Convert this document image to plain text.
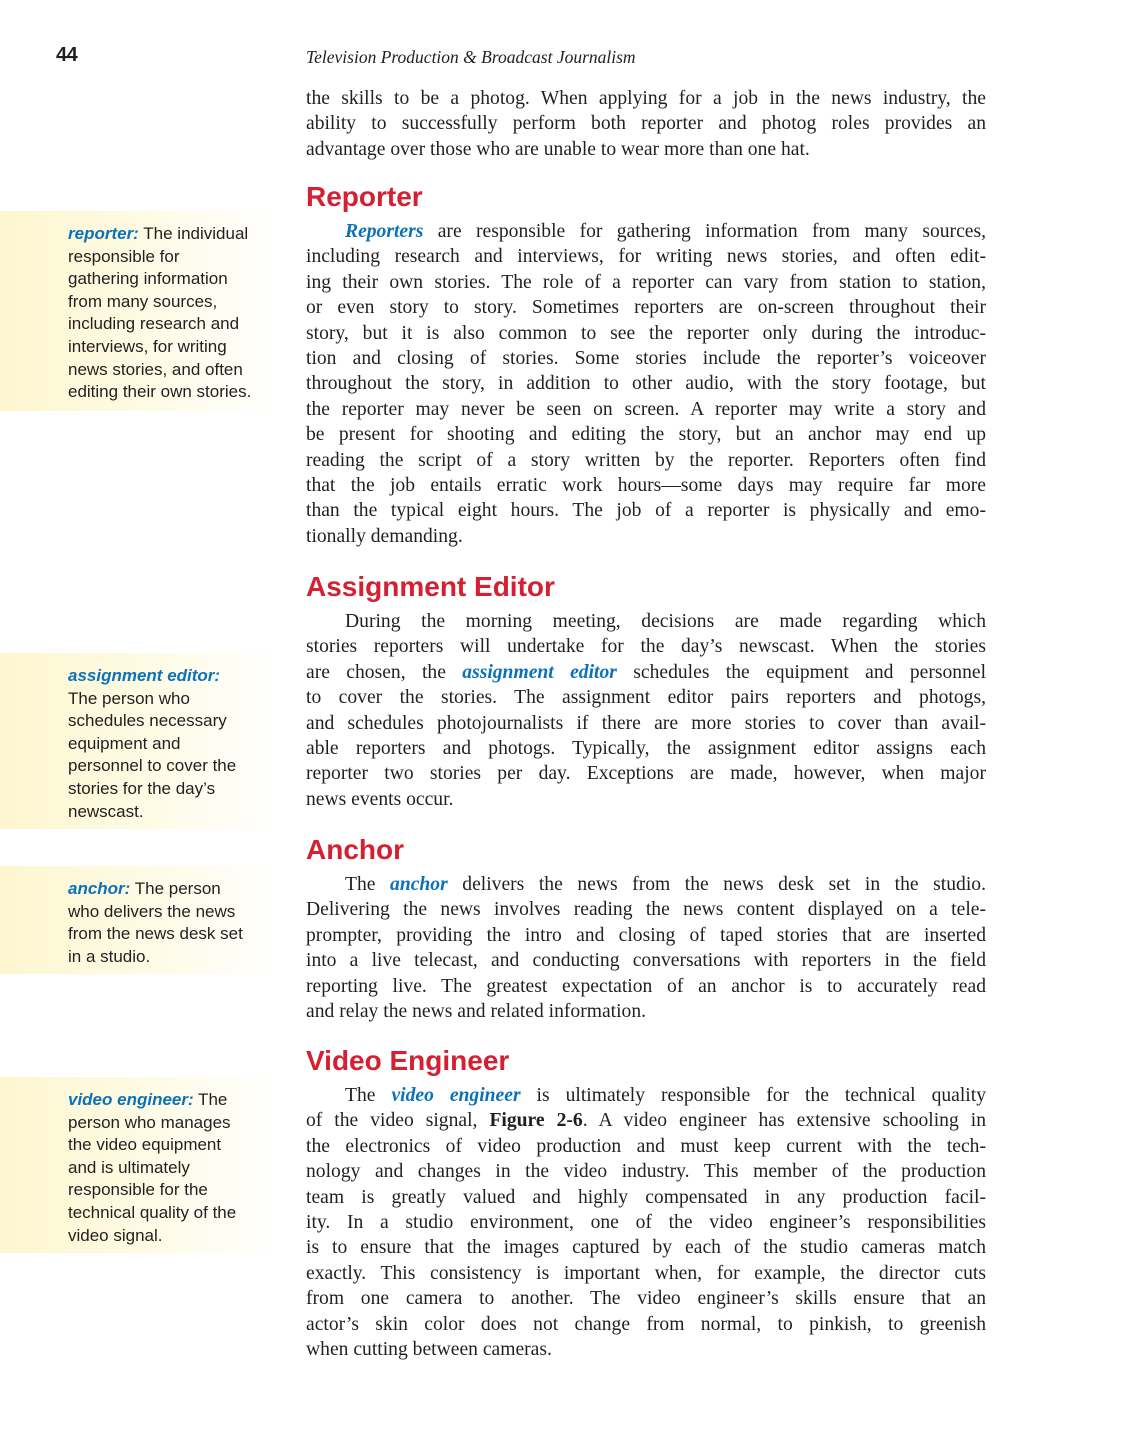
44	Television Production & Broadcast Journalism

the skills to be a photog. When applying for a job in the news industry, the
ability to successfully perform both reporter and photog roles provides an
advantage over those who are unable to wear more than one hat.

Reporter

Reporters are responsible for gathering information from many sources,
including research and interviews, for writing news stories, and often edit-
ing their own stories. The role of a reporter can vary from station to station,
or even story to story. Sometimes reporters are on-screen throughout their
story, but it is also common to see the reporter only during the introduc-
tion and closing of stories. Some stories include the reporter’s voiceover
throughout the story, in addition to other audio, with the story footage, but
the reporter may never be seen on screen. A reporter may write a story and
be present for shooting and editing the story, but an anchor may end up
reading the script of a story written by the reporter. Reporters often find
that the job entails erratic work hours—some days may require far more
than the typical eight hours. The job of a reporter is physically and emo-
tionally demanding.

Assignment Editor

During the morning meeting, decisions are made regarding which
stories reporters will undertake for the day’s newscast. When the stories
are chosen, the assignment editor schedules the equipment and personnel
to cover the stories. The assignment editor pairs reporters and photogs,
and schedules photojournalists if there are more stories to cover than avail-
able reporters and photogs. Typically, the assignment editor assigns each
reporter two stories per day. Exceptions are made, however, when major
news events occur.

Anchor

The anchor delivers the news from the news desk set in the studio.
Delivering the news involves reading the news content displayed on a tele-
prompter, providing the intro and closing of taped stories that are inserted
into a live telecast, and conducting conversations with reporters in the field
reporting live. The greatest expectation of an anchor is to accurately read
and relay the news and related information.

Video Engineer

The video engineer is ultimately responsible for the technical quality
of the video signal, Figure 2-6. A video engineer has extensive schooling in
the electronics of video production and must keep current with the tech-
nology and changes in the video industry. This member of the production
team is greatly valued and highly compensated in any production facil-
ity. In a studio environment, one of the video engineer’s responsibilities
is to ensure that the images captured by each of the studio cameras match
exactly. This consistency is important when, for example, the director cuts
from one camera to another. The video engineer’s skills ensure that an
actor’s skin color does not change from normal, to pinkish, to greenish
when cutting between cameras.

reporter: The individual
responsible for
gathering information
from many sources,
including research and
interviews, for writing
news stories, and often
editing their own stories.
assignment editor:
The person who
schedules necessary
equipment and
personnel to cover the
stories for the day’s
newscast.
anchor: The person
who delivers the news
from the news desk set
in a studio.
video engineer: The
person who manages
the video equipment
and is ultimately
responsible for the
technical quality of the
video signal.
